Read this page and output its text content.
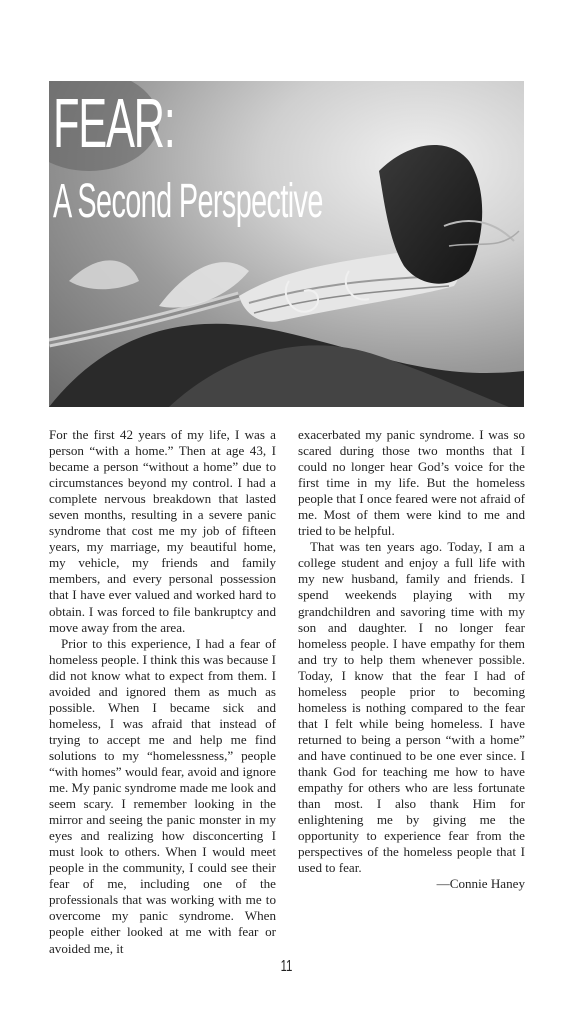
FEAR:
A Second Perspective

For the first 42 years of my life, I was a person “with a home.” Then at age 43, I became a person “without a home” due to circumstances beyond my control. I had a complete nervous breakdown that lasted seven months, resulting in a severe panic syndrome that cost me my job of fifteen years, my marriage, my beautiful home, my vehicle, my friends and family members, and every personal possession that I have ever valued and worked hard to obtain. I was forced to file bankruptcy and move away from the area.

Prior to this experience, I had a fear of homeless people. I think this was because I did not know what to expect from them. I avoided and ignored them as much as possible. When I became sick and homeless, I was afraid that instead of trying to accept me and help me find solutions to my “homelessness,” people “with homes” would fear, avoid and ignore me. My panic syndrome made me look and seem scary. I remember looking in the mirror and seeing the panic monster in my eyes and realizing how disconcerting I must look to others. When I would meet people in the community, I could see their fear of me, including one of the professionals that was working with me to overcome my panic syndrome. When people either looked at me with fear or avoided me, it

exacerbated my panic syndrome. I was so scared during those two months that I could no longer hear God’s voice for the first time in my life. But the homeless people that I once feared were not afraid of me. Most of them were kind to me and tried to be helpful.

That was ten years ago. Today, I am a college student and enjoy a full life with my new husband, family and friends. I spend weekends playing with my grandchildren and savoring time with my son and daughter. I no longer fear homeless people. I have empathy for them and try to help them whenever possible. Today, I know that the fear I had of homeless people prior to becoming homeless is nothing compared to the fear that I felt while being homeless. I have returned to being a person “with a home” and have continued to be one ever since. I thank God for teaching me how to have empathy for others who are less fortunate than most. I also thank Him for enlightening me by giving me the opportunity to experience fear from the perspectives of the homeless people that I used to fear.

—Connie Haney

11
